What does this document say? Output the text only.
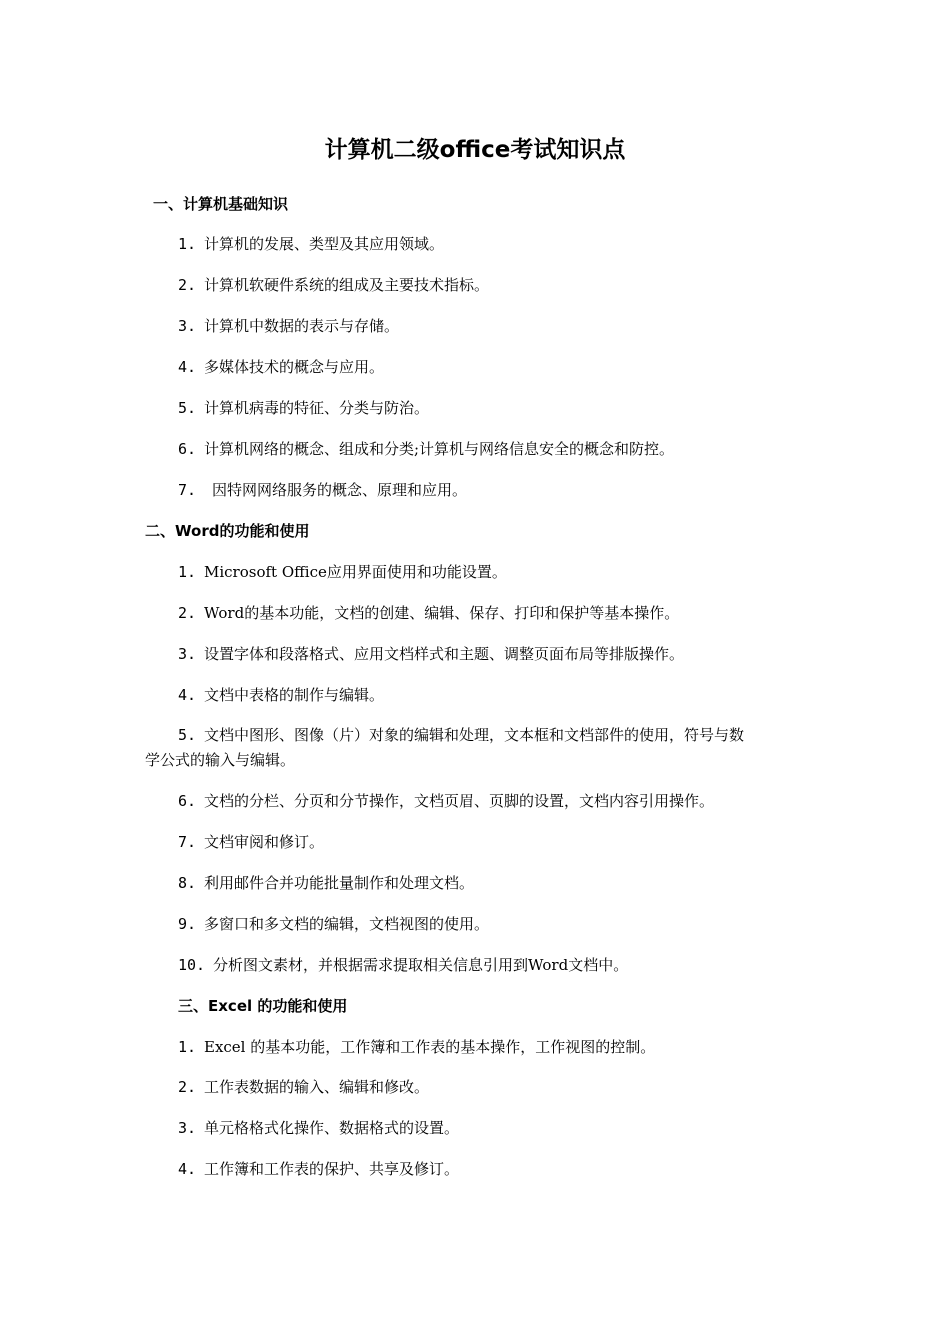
计算机二级office考试知识点
一、计算机基础知识
1. 计算机的发展、类型及其应用领域。
2. 计算机软硬件系统的组成及主要技术指标。
3. 计算机中数据的表示与存储。
4. 多媒体技术的概念与应用。
5. 计算机病毒的特征、分类与防治。
6. 计算机网络的概念、组成和分类;计算机与网络信息安全的概念和防控。
7. 因特网网络服务的概念、原理和应用。
二、Word的功能和使用
1. Microsoft Office应用界面使用和功能设置。
2. Word的基本功能，文档的创建、编辑、保存、打印和保护等基本操作。
3. 设置字体和段落格式、应用文档样式和主题、调整页面布局等排版操作。
4. 文档中表格的制作与编辑。
5. 文档中图形、图像（片）对象的编辑和处理，文本框和文档部件的使用，符号与数
学公式的输入与编辑。
6. 文档的分栏、分页和分节操作，文档页眉、页脚的设置，文档内容引用操作。
7. 文档审阅和修订。
8. 利用邮件合并功能批量制作和处理文档。
9. 多窗口和多文档的编辑，文档视图的使用。
10. 分析图文素材，并根据需求提取相关信息引用到Word文档中。
三、Excel 的功能和使用
1. Excel 的基本功能，工作簿和工作表的基本操作，工作视图的控制。
2. 工作表数据的输入、编辑和修改。
3. 单元格格式化操作、数据格式的设置。
4. 工作簿和工作表的保护、共享及修订。
